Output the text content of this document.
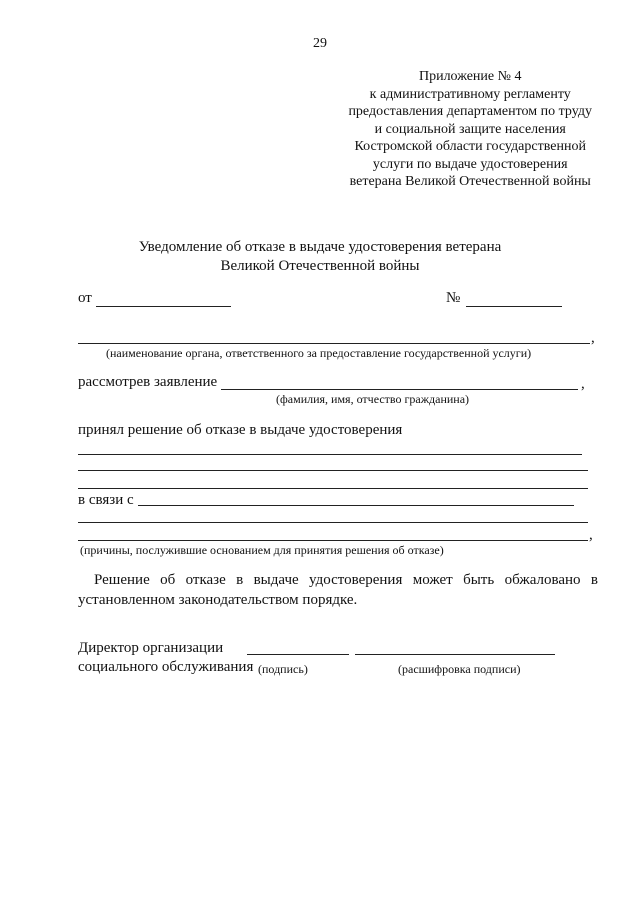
29
Приложение № 4
к административному регламенту
предоставления департаментом по труду
и социальной защите населения
Костромской области государственной
услуги по выдаче удостоверения
ветерана Великой Отечественной войны
Уведомление об отказе в выдаче удостоверения ветерана
Великой Отечественной войны
от	№
,
(наименование органа, ответственного за предоставление государственной услуги)
рассмотрев заявление	,
(фамилия, имя, отчество гражданина)
принял решение об отказе в выдаче удостоверения
в связи с
,
(причины, послужившие основанием для принятия решения об отказе)
Решение об отказе в выдаче удостоверения может быть обжаловано в установленном законодательством порядке.
Директор организации
социального обслуживания (подпись)	(расшифровка подписи)
